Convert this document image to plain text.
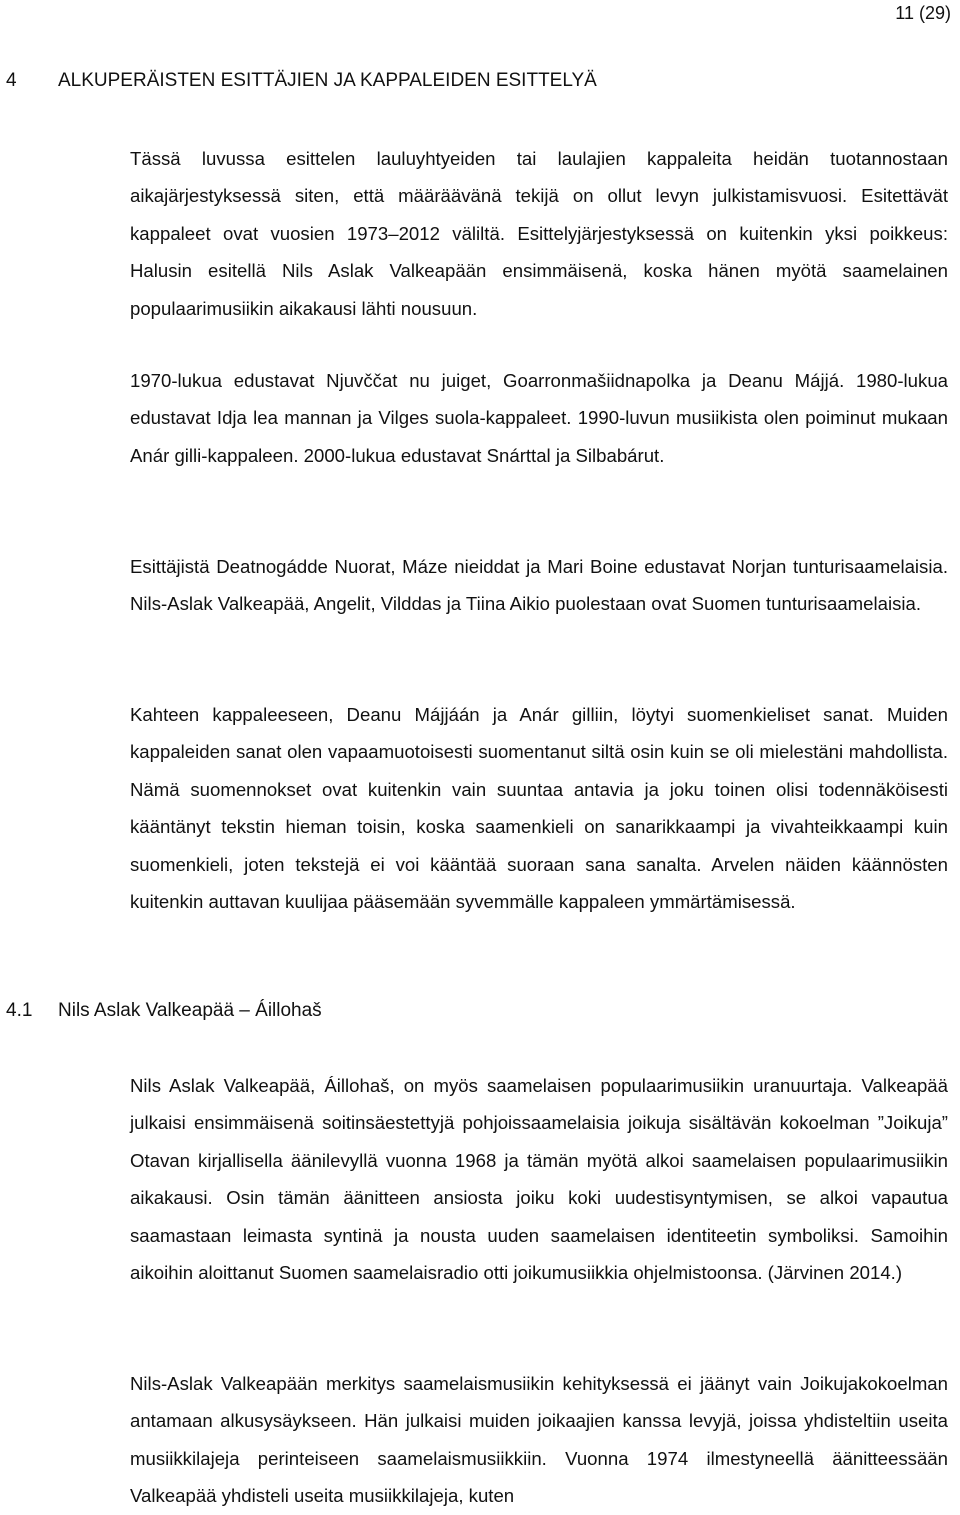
11 (29)
4 ALKUPERÄISTEN ESITTÄJIEN JA KAPPALEIDEN ESITTELYÄ

Tässä luvussa esittelen lauluyhtyeiden tai laulajien kappaleita heidän tuotannostaan aikajärjestyksessä siten, että määräävänä tekijä on ollut levyn julkistamisvuosi. Esitettävät kappaleet ovat vuosien 1973–2012 väliltä. Esittelyjärjestyksessä on kuitenkin yksi poikkeus: Halusin esitellä Nils Aslak Valkeapään ensimmäisenä, koska hänen myötä saamelainen populaarimusiikin aikakausi lähti nousuun.

1970-lukua edustavat Njuvččat nu juiget, Goarronmašiidnapolka ja Deanu Májjá. 1980-lukua edustavat Idja lea mannan ja Vilges suola-kappaleet. 1990-luvun musiikista olen poiminut mukaan Anár gilli-kappaleen. 2000-lukua edustavat Snárttal ja Silbabárut.

Esittäjistä Deatnogádde Nuorat, Máze nieiddat ja Mari Boine edustavat Norjan tunturisaamelaisia. Nils-Aslak Valkeapää, Angelit, Vilddas ja Tiina Aikio puolestaan ovat Suomen tunturisaamelaisia.

Kahteen kappaleeseen, Deanu Májjáán ja Anár gilliin, löytyi suomenkieliset sanat. Muiden kappaleiden sanat olen vapaamuotoisesti suomentanut siltä osin kuin se oli mielestäni mahdollista. Nämä suomennokset ovat kuitenkin vain suuntaa antavia ja joku toinen olisi todennäköisesti kääntänyt tekstin hieman toisin, koska saamenkieli on sanarikkaampi ja vivahteikkaampi kuin suomenkieli, joten tekstejä ei voi kääntää suoraan sana sanalta. Arvelen näiden käännösten kuitenkin auttavan kuulijaa pääsemään syvemmälle kappaleen ymmärtämisessä.

4.1 Nils Aslak Valkeapää – Áillohaš

Nils Aslak Valkeapää, Áillohaš, on myös saamelaisen populaarimusiikin uranuurtaja. Valkeapää julkaisi ensimmäisenä soitinsäestettyjä pohjoissaamelaisia joikuja sisältävän kokoelman ”Joikuja” Otavan kirjallisella äänilevyllä vuonna 1968 ja tämän myötä alkoi saamelaisen populaarimusiikin aikakausi. Osin tämän äänitteen ansiosta joiku koki uudestisyntymisen, se alkoi vapautua saamastaan leimasta syntinä ja nousta uuden saamelaisen identiteetin symboliksi. Samoihin aikoihin aloittanut Suomen saamelaisradio otti joikumusiikkia ohjelmistoonsa. (Järvinen 2014.)

Nils-Aslak Valkeapään merkitys saamelaismusiikin kehityksessä ei jäänyt vain Joikujakokoelman antamaan alkusysäykseen. Hän julkaisi muiden joikaajien kanssa levyjä, joissa yhdisteltiin useita musiikkilajeja perinteiseen saamelaismusiikkiin. Vuonna 1974 ilmestyneellä äänitteessään Valkeapää yhdisteli useita musiikkilajeja, kuten
